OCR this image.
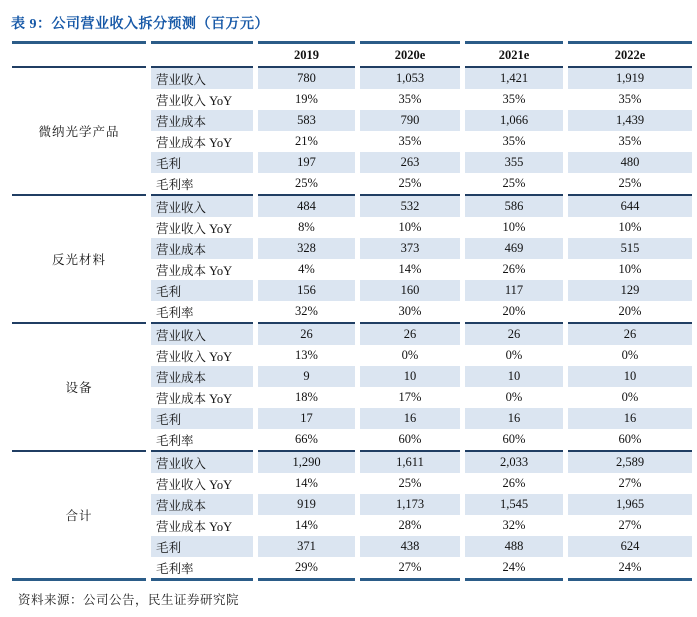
表 9：公司营业收入拆分预测（百万元）
		2019	2020e	2021e	2022e
微纳光学产品	营业收入	780	1,053	1,421	1,919
	营业收入 YoY	19%	35%	35%	35%
	营业成本	583	790	1,066	1,439
	营业成本 YoY	21%	35%	35%	35%
	毛利	197	263	355	480
	毛利率	25%	25%	25%	25%
反光材料	营业收入	484	532	586	644
	营业收入 YoY	8%	10%	10%	10%
	营业成本	328	373	469	515
	营业成本 YoY	4%	14%	26%	10%
	毛利	156	160	117	129
	毛利率	32%	30%	20%	20%
设备	营业收入	26	26	26	26
	营业收入 YoY	13%	0%	0%	0%
	营业成本	9	10	10	10
	营业成本 YoY	18%	17%	0%	0%
	毛利	17	16	16	16
	毛利率	66%	60%	60%	60%
合计	营业收入	1,290	1,611	2,033	2,589
	营业收入 YoY	14%	25%	26%	27%
	营业成本	919	1,173	1,545	1,965
	营业成本 YoY	14%	28%	32%	27%
	毛利	371	438	488	624
	毛利率	29%	27%	24%	24%
资料来源：公司公告，民生证券研究院
